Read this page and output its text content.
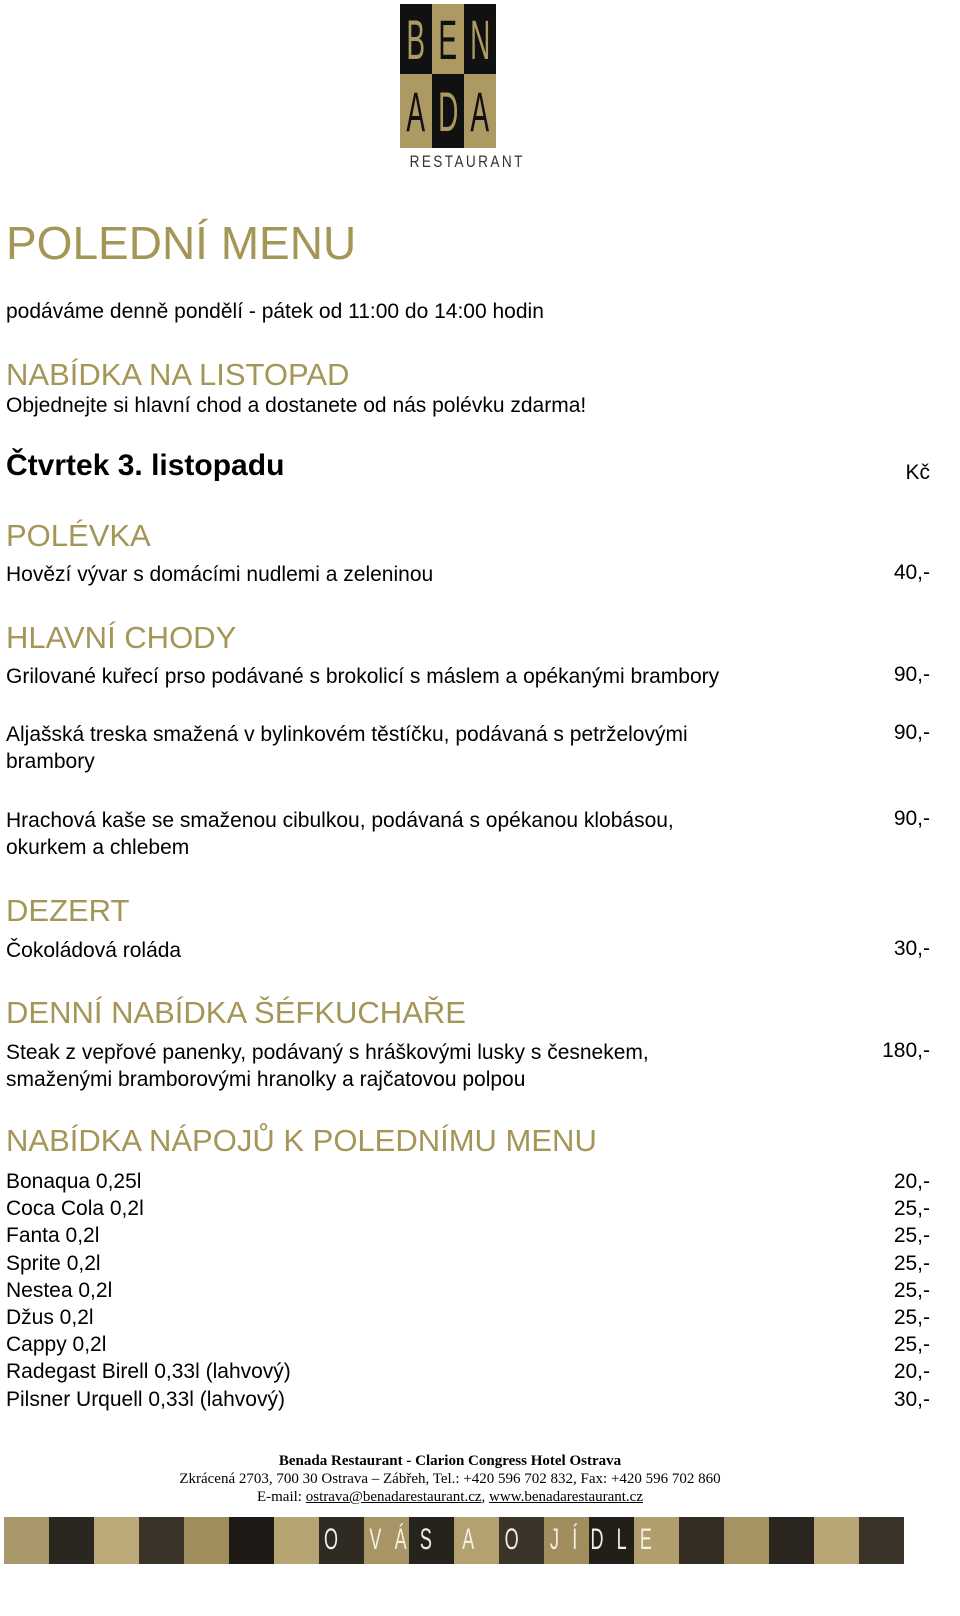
B E N
A D A
RESTAURANT
POLEDNÍ MENU
podáváme denně pondělí - pátek od 11:00 do 14:00 hodin
NABÍDKA NA LISTOPAD
Objednejte si hlavní chod a dostanete od nás polévku zdarma!
Čtvrtek 3. listopadu	Kč
POLÉVKA
Hovězí vývar s domácími nudlemi a zeleninou	40,-
HLAVNÍ CHODY
Grilované kuřecí prso podávané s brokolicí s máslem a opékanými brambory	90,-
Aljašská treska smažená v bylinkovém těstíčku, podávaná s petrželovými
brambory
90,-
Hrachová kaše se smaženou cibulkou, podávaná s opékanou klobásou,
okurkem a chlebem
90,-
DEZERT
Čokoládová roláda	30,-
DENNÍ NABÍDKA ŠÉFKUCHAŘE
Steak z vepřové panenky, podávaný s hráškovými lusky s česnekem,
smaženými bramborovými hranolky a rajčatovou polpou
180,-
NABÍDKA NÁPOJŮ K POLEDNÍMU MENU
Bonaqua 0,25l	20,-
Coca Cola 0,2l	25,-
Fanta 0,2l	25,-
Sprite 0,2l	25,-
Nestea 0,2l	25,-
Džus 0,2l	25,-
Cappy 0,2l	25,-
Radegast Birell 0,33l (lahvový)	20,-
Pilsner Urquell 0,33l (lahvový)	30,-
Benada Restaurant - Clarion Congress Hotel Ostrava
Zkrácená 2703, 700 30 Ostrava – Zábřeh, Tel.: +420 596 702 832, Fax: +420 596 702 860
E-mail: ostrava@benadarestaurant.cz, www.benadarestaurant.cz
O VÁS A O JÍDLE
